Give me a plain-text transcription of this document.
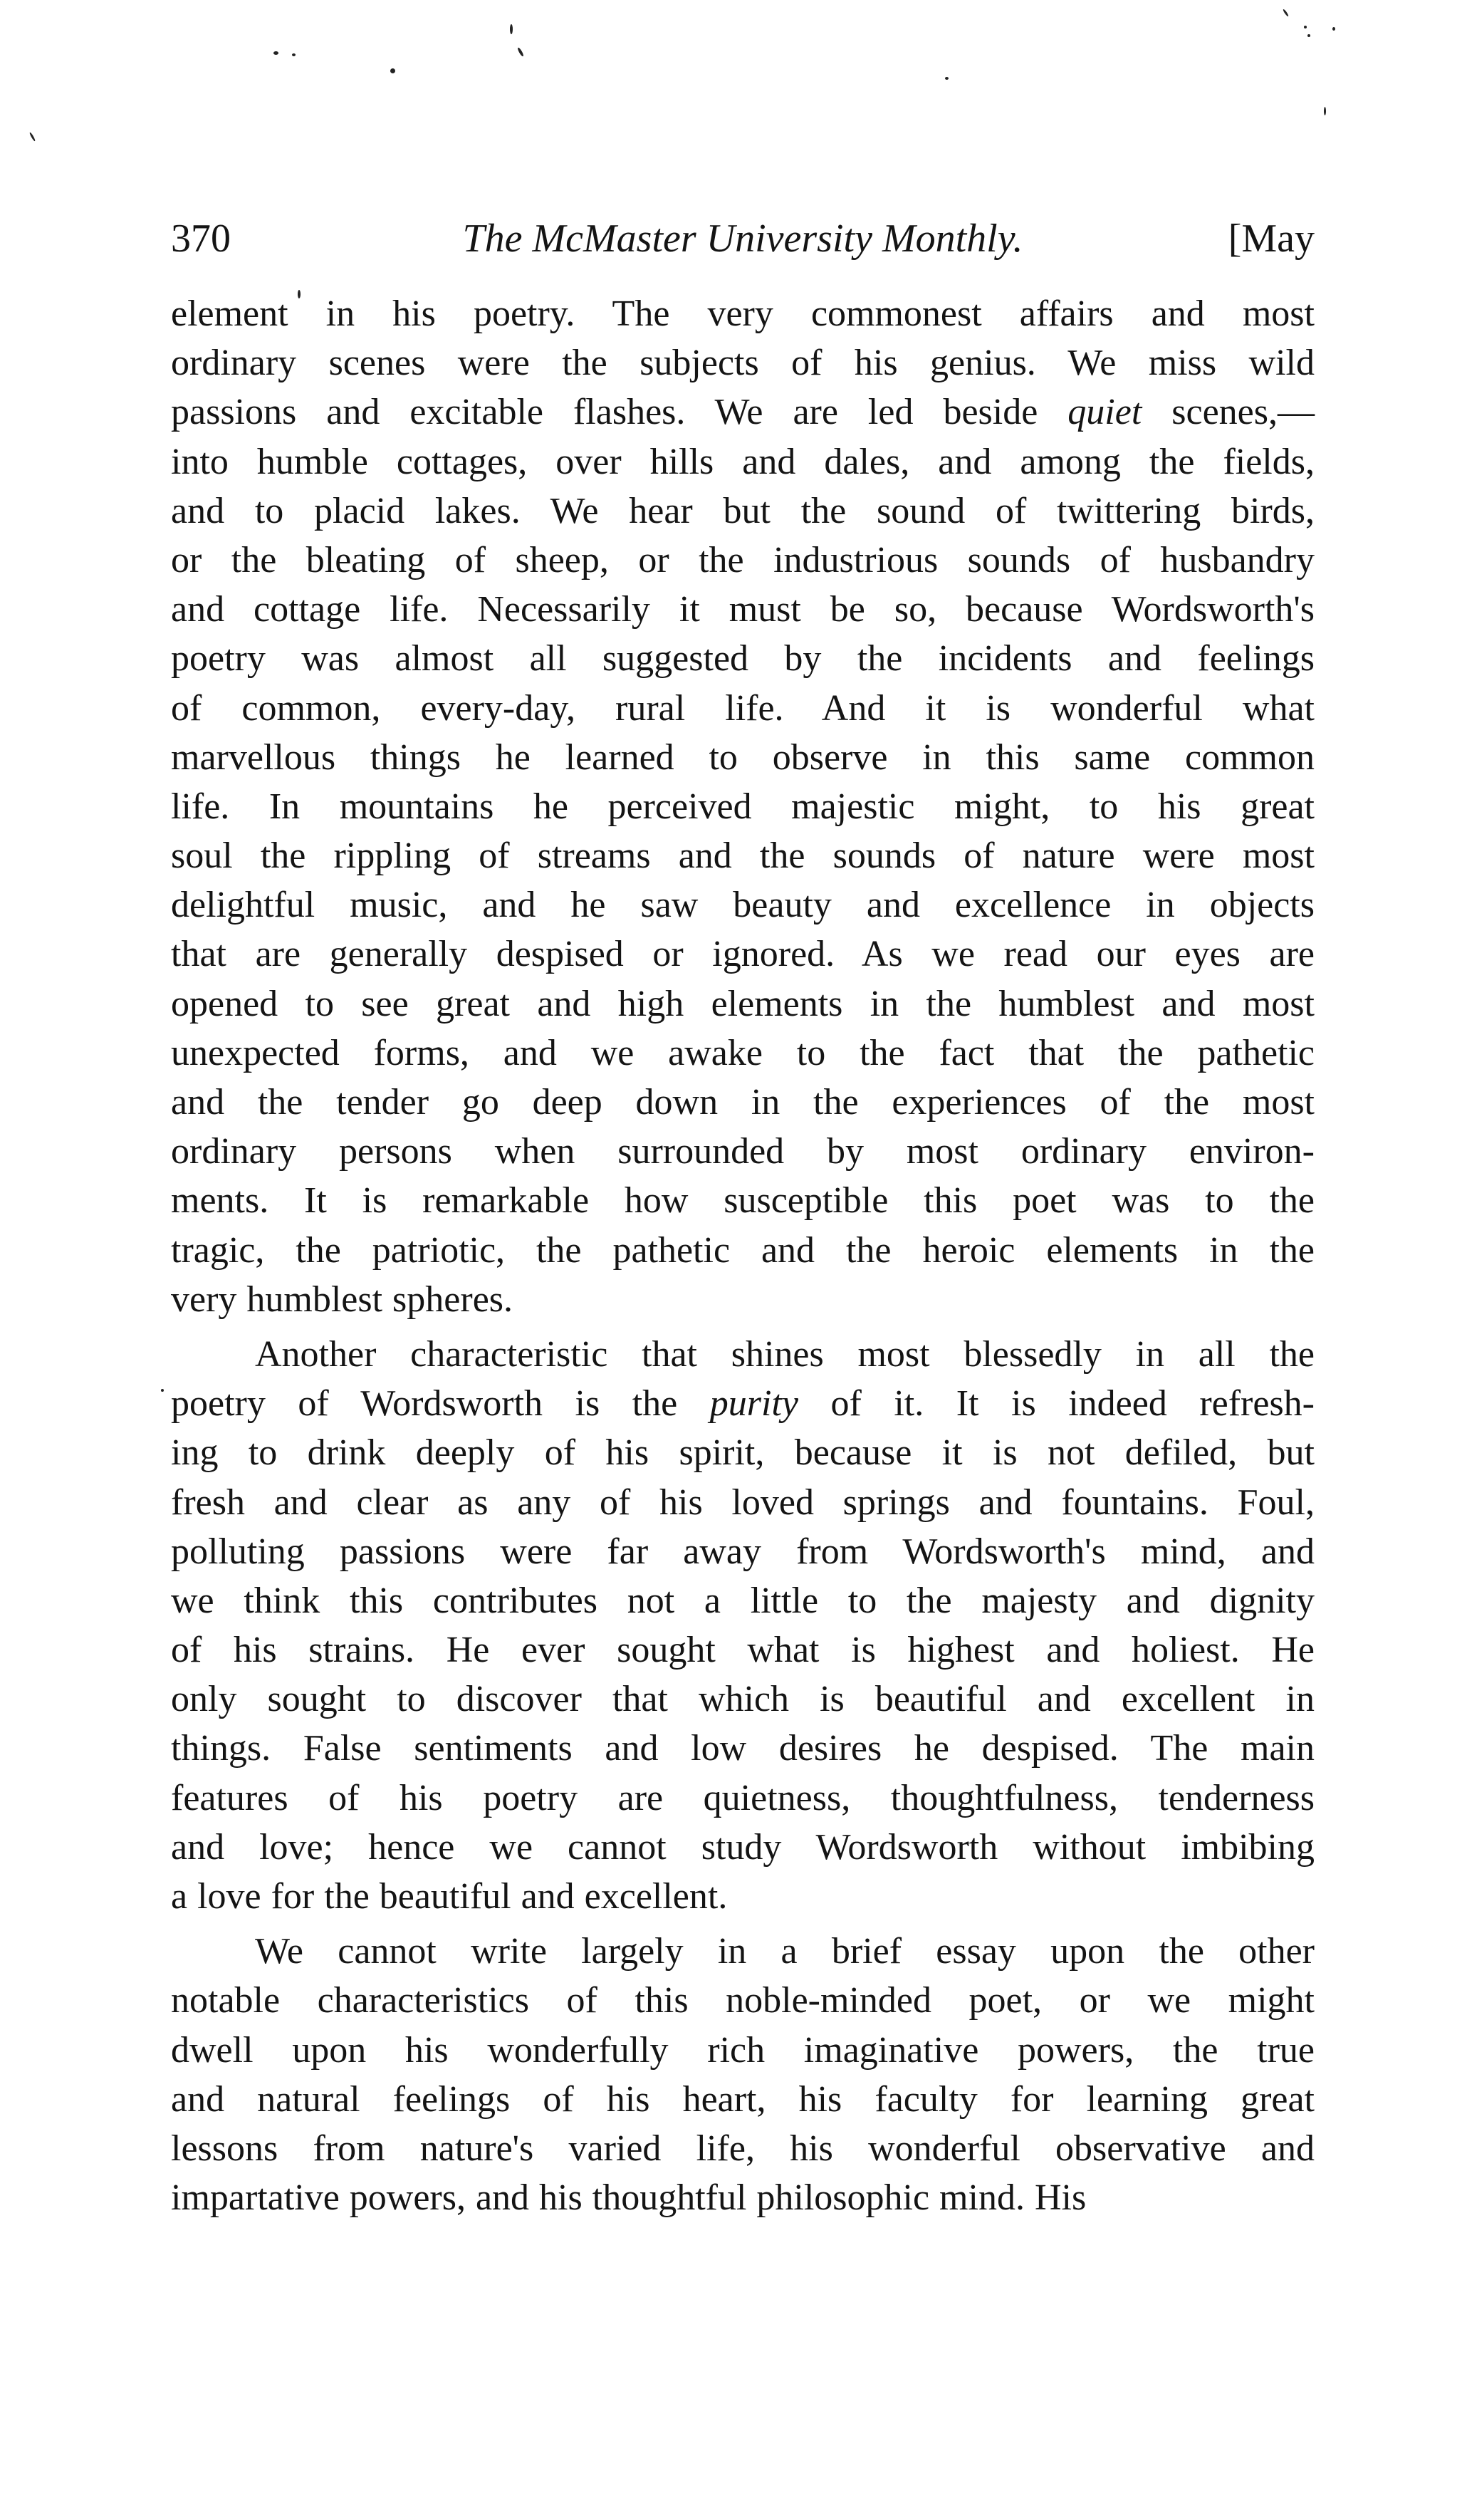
370	The McMaster University Monthly.	[May
element in his poetry. The very commonest affairs and most
ordinary scenes were the subjects of his genius. We miss wild
passions and excitable flashes. We are led beside quiet scenes,—
into humble cottages, over hills and dales, and among the fields,
and to placid lakes. We hear but the sound of twittering birds,
or the bleating of sheep, or the industrious sounds of husbandry
and cottage life. Necessarily it must be so, because Wordsworth's
poetry was almost all suggested by the incidents and feelings
of common, every-day, rural life. And it is wonderful what
marvellous things he learned to observe in this same common
life. In mountains he perceived majestic might, to his great
soul the rippling of streams and the sounds of nature were most
delightful music, and he saw beauty and excellence in objects
that are generally despised or ignored. As we read our eyes are
opened to see great and high elements in the humblest and most
unexpected forms, and we awake to the fact that the pathetic
and the tender go deep down in the experiences of the most
ordinary persons when surrounded by most ordinary environ-
ments. It is remarkable how susceptible this poet was to the
tragic, the patriotic, the pathetic and the heroic elements in the
very humblest spheres.
Another characteristic that shines most blessedly in all the
poetry of Wordsworth is the purity of it. It is indeed refresh-
ing to drink deeply of his spirit, because it is not defiled, but
fresh and clear as any of his loved springs and fountains. Foul,
polluting passions were far away from Wordsworth's mind, and
we think this contributes not a little to the majesty and dignity
of his strains. He ever sought what is highest and holiest. He
only sought to discover that which is beautiful and excellent in
things. False sentiments and low desires he despised. The main
features of his poetry are quietness, thoughtfulness, tenderness
and love; hence we cannot study Wordsworth without imbibing
a love for the beautiful and excellent.
We cannot write largely in a brief essay upon the other
notable characteristics of this noble-minded poet, or we might
dwell upon his wonderfully rich imaginative powers, the true
and natural feelings of his heart, his faculty for learning great
lessons from nature's varied life, his wonderful observative and
impartative powers, and his thoughtful philosophic mind. His
